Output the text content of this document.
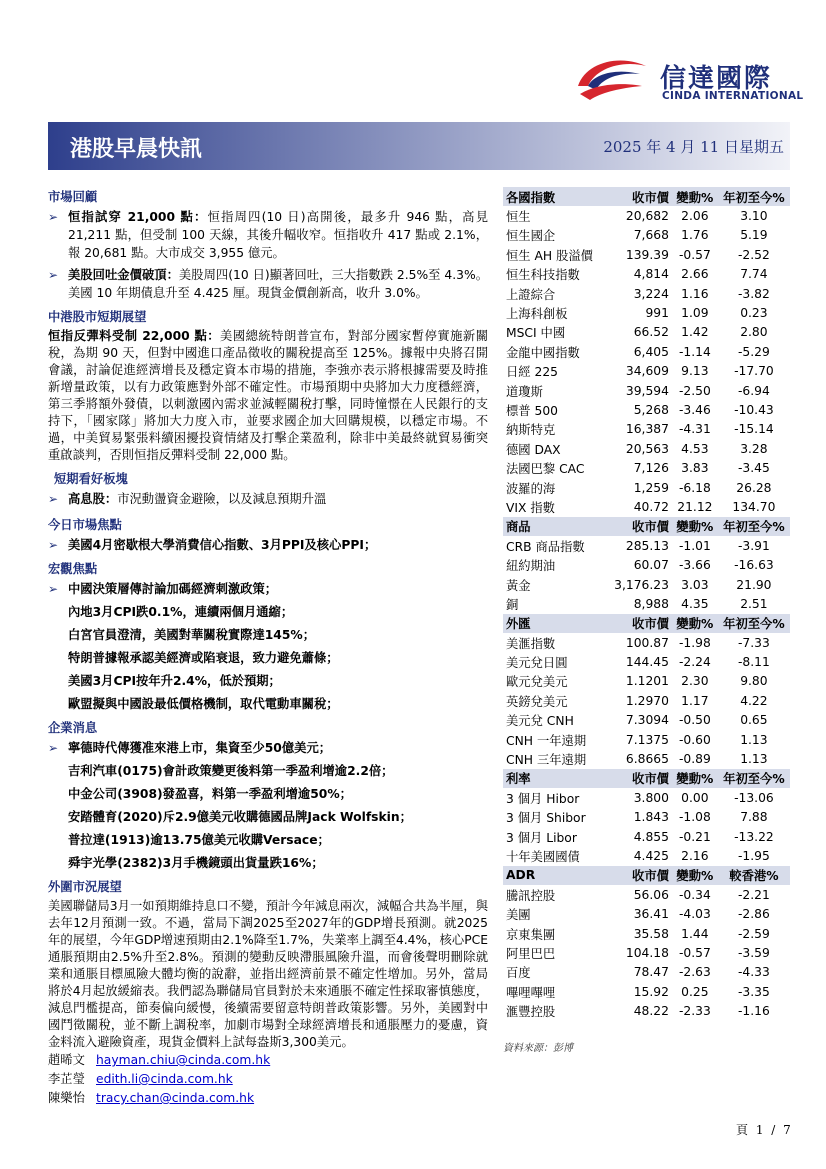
信達國際
CINDA INTERNATIONAL
港股早晨快訊	2025 年 4 月 11 日星期五
市場回顧
➢ 恒指試穿 21,000 點：恒指周四(10 日)高開後，最多升 946 點，高見 21,211 點，但受制 100 天線，其後升幅收窄。恒指收升 417 點或 2.1%，報 20,681 點。大市成交 3,955 億元。
➢ 美股回吐金價破頂：美股周四(10 日)顯著回吐，三大指數跌 2.5%至 4.3%。美國 10 年期債息升至 4.425 厘。現貨金價創新高，收升 3.0%。
中港股市短期展望
恒指反彈料受制 22,000 點：美國總統特朗普宣布，對部分國家暫停實施新關稅，為期 90 天，但對中國進口產品徵收的關稅提高至 125%。據報中央將召開會議，討論促進經濟增長及穩定資本市場的措施，李強亦表示將根據需要及時推新增量政策，以有力政策應對外部不確定性。市場預期中央將加大力度穩經濟，第三季將額外發債，以刺激國內需求並減輕關稅打擊，同時憧憬在人民銀行的支持下，「國家隊」將加大力度入市，並要求國企加大回購規模，以穩定市場。不過，中美貿易緊張料續困擾投資情緒及打擊企業盈利，除非中美最終就貿易衝突重啟談判，否則恒指反彈料受制 22,000 點。
短期看好板塊
➢ 高息股：市況動盪資金避險，以及減息預期升溫
今日市場焦點
➢ 美國4月密歇根大學消費信心指數、3月PPI及核心PPI；
宏觀焦點
➢ 中國決策層傳討論加碼經濟刺激政策；
內地3月CPI跌0.1%，連續兩個月通縮；
白宮官員澄清，美國對華關稅實際達145%；
特朗普據報承認美經濟或陷衰退，致力避免蕭條；
美國3月CPI按年升2.4%，低於預期；
歐盟擬與中國設最低價格機制，取代電動車關稅；
企業消息
➢ 寧德時代傳獲准來港上市，集資至少50億美元；
吉利汽車(0175)會計政策變更後料第一季盈利增逾2.2倍；
中金公司(3908)發盈喜，料第一季盈利增逾50%；
安踏體育(2020)斥2.9億美元收購德國品牌Jack Wolfskin；
普拉達(1913)逾13.75億美元收購Versace；
舜宇光學(2382)3月手機鏡頭出貨量跌16%；
外圍市況展望
美國聯儲局3月一如預期維持息口不變，預計今年減息兩次，減幅合共為半厘，與去年12月預測一致。不過，當局下調2025至2027年的GDP增長預測。就2025年的展望，今年GDP增速預期由2.1%降至1.7%，失業率上調至4.4%，核心PCE通脹預期由2.5%升至2.8%。預測的變動反映滯脹風險升溫，而會後聲明刪除就業和通脹目標風險大體均衡的說辭，並指出經濟前景不確定性增加。另外，當局將於4月起放緩縮表。我們認為聯儲局官員對於未來通脹不確定性採取審慎態度，減息門檻提高，節奏偏向緩慢，後續需要留意特朗普政策影響。另外，美國對中國鬥徵關稅，並不斷上調稅率，加劇市場對全球經濟增長和通脹壓力的憂慮，資金料流入避險資產，現貨金價料上試每盎斯3,300美元。
趙晞文 hayman.chiu@cinda.com.hk
李芷瑩 edith.li@cinda.com.hk
陳樂怡 tracy.chan@cinda.com.hk
各國指數	收市價	變動%	年初至今%
恒生	20,682	2.06	3.10
恒生國企	7,668	1.76	5.19
恒生 AH 股溢價	139.39	-0.57	-2.52
恒生科技指數	4,814	2.66	7.74
上證綜合	3,224	1.16	-3.82
上海科創板	991	1.09	0.23
MSCI 中國	66.52	1.42	2.80
金龍中國指數	6,405	-1.14	-5.29
日經 225	34,609	9.13	-17.70
道瓊斯	39,594	-2.50	-6.94
標普 500	5,268	-3.46	-10.43
納斯特克	16,387	-4.31	-15.14
德國 DAX	20,563	4.53	3.28
法國巴黎 CAC	7,126	3.83	-3.45
波羅的海	1,259	-6.18	26.28
VIX 指數	40.72	21.12	134.70
商品	收市價	變動%	年初至今%
CRB 商品指數	285.13	-1.01	-3.91
紐約期油	60.07	-3.66	-16.63
黃金	3,176.23	3.03	21.90
銅	8,988	4.35	2.51
外匯	收市價	變動%	年初至今%
美滙指數	100.87	-1.98	-7.33
美元兌日圓	144.45	-2.24	-8.11
歐元兌美元	1.1201	2.30	9.80
英鎊兌美元	1.2970	1.17	4.22
美元兌 CNH	7.3094	-0.50	0.65
CNH 一年遠期	7.1375	-0.60	1.13
CNH 三年遠期	6.8665	-0.89	1.13
利率	收市價	變動%	年初至今%
3 個月 Hibor	3.800	0.00	-13.06
3 個月 Shibor	1.843	-1.08	7.88
3 個月 Libor	4.855	-0.21	-13.22
十年美國國債	4.425	2.16	-1.95
ADR	收市價	變動%	較香港%
騰訊控股	56.06	-0.34	-2.21
美團	36.41	-4.03	-2.86
京東集團	35.58	1.44	-2.59
阿里巴巴	104.18	-0.57	-3.59
百度	78.47	-2.63	-4.33
嗶哩嗶哩	15.92	0.25	-3.35
滙豐控股	48.22	-2.33	-1.16
資料來源：彭博
頁 1 / 7
